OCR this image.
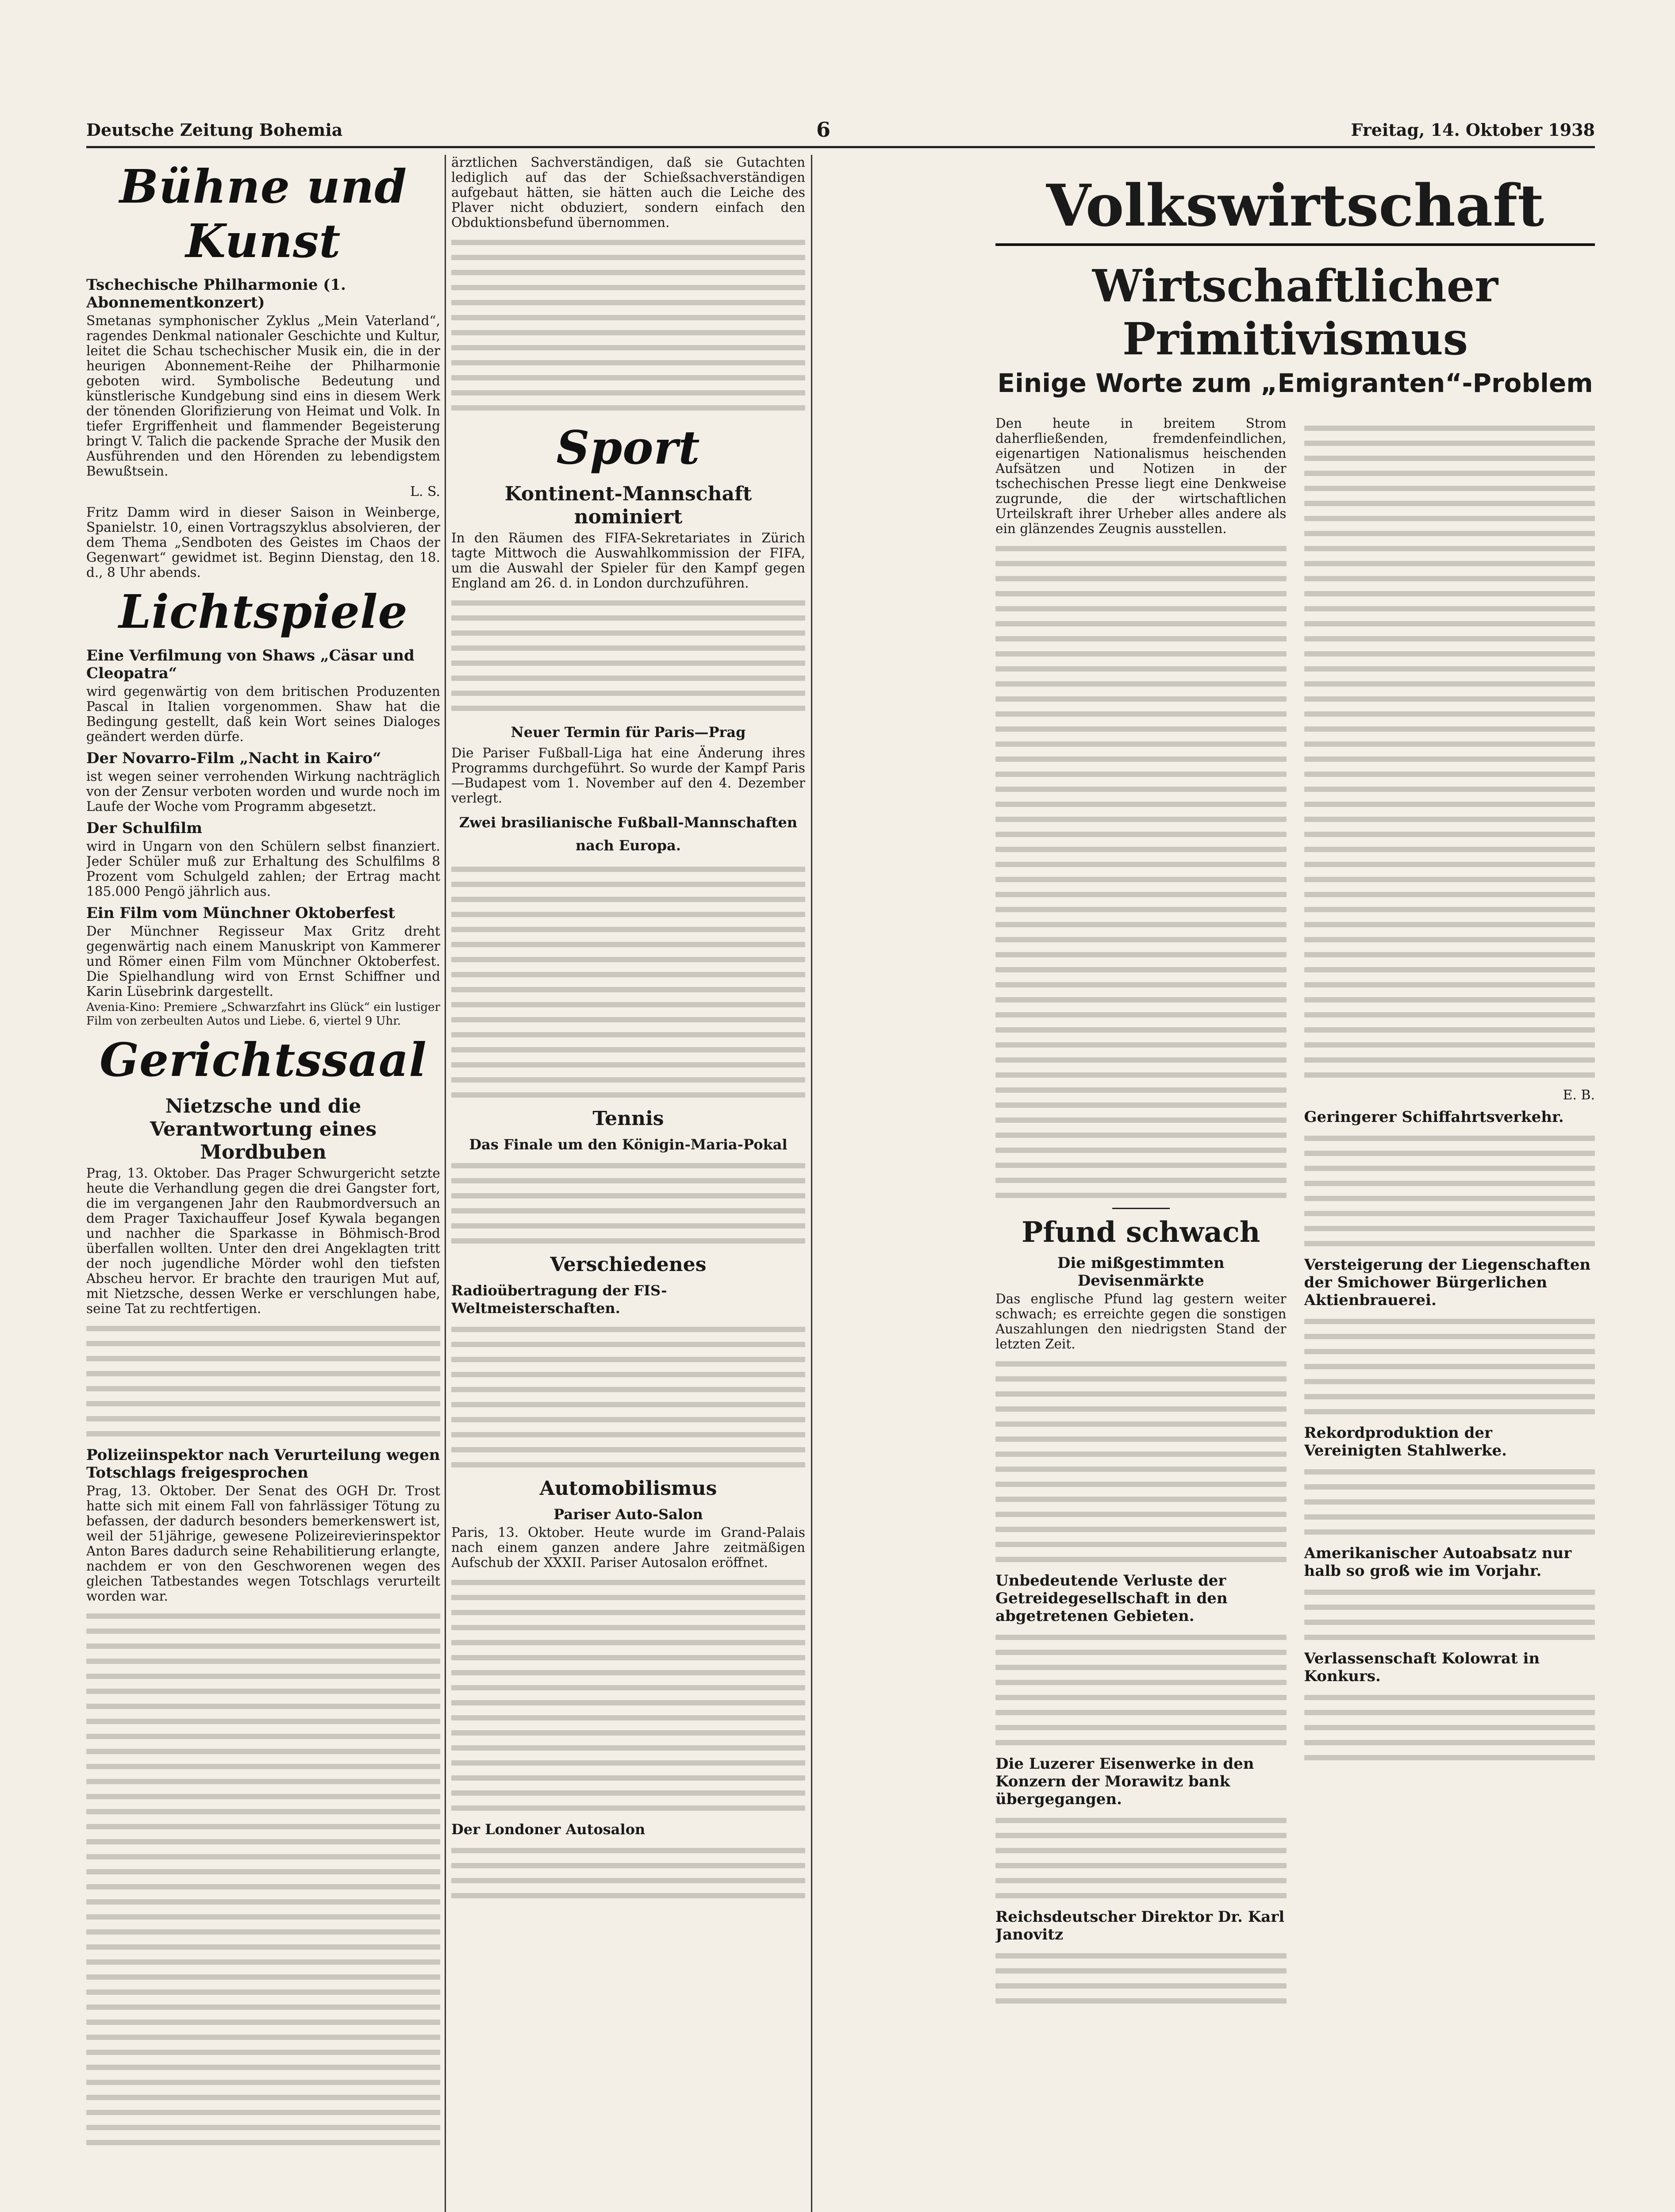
Deutsche Zeitung Bohemia	6	Freitag, 14. Oktober 1938
Bühne und Kunst
Tschechische Philharmonie (1. Abonnementkonzert)
Smetanas symphonischer Zyklus „Mein Vaterland“, ragendes Denkmal nationaler Geschichte und Kultur, leitet die Schau tschechischer Musik ein, die in der heurigen Abonnement-Reihe der Philharmonie geboten wird. Symbolische Bedeutung und künstlerische Kundgebung sind eins in diesem Werk der tönenden Glorifizierung von Heimat und Volk. In tiefer Ergriffenheit und flammender Begeisterung bringt V. Talich die packende Sprache der Musik den Ausführenden und den Hörenden zu lebendigstem Bewußtsein.
L. S.
Fritz Damm wird in dieser Saison in Weinberge, Spanielstr. 10, einen Vortragszyklus absolvieren, der dem Thema „Sendboten des Geistes im Chaos der Gegenwart“ gewidmet ist. Beginn Dienstag, den 18. d., 8 Uhr abends.
Lichtspiele
Eine Verfilmung von Shaws „Cäsar und Cleopatra“
wird gegenwärtig von dem britischen Produzenten Pascal in Italien vorgenommen. Shaw hat die Bedingung gestellt, daß kein Wort seines Dialoges geändert werden dürfe.
Der Novarro-Film „Nacht in Kairo“
ist wegen seiner verrohenden Wirkung nachträglich von der Zensur verboten worden und wurde noch im Laufe der Woche vom Programm abgesetzt.
Der Schulfilm
wird in Ungarn von den Schülern selbst finanziert. Jeder Schüler muß zur Erhaltung des Schulfilms 8 Prozent vom Schulgeld zahlen; der Ertrag macht 185.000 Pengö jährlich aus.
Ein Film vom Münchner Oktoberfest
Der Münchner Regisseur Max Gritz dreht gegenwärtig nach einem Manuskript von Kammerer und Römer einen Film vom Münchner Oktoberfest. Die Spielhandlung wird von Ernst Schiffner und Karin Lüsebrink dargestellt.
Avenia-Kino: Premiere „Schwarzfahrt ins Glück“ ein lustiger Film von zerbeulten Autos und Liebe. 6, viertel 9 Uhr.
Gerichtssaal
Nietzsche und die Verantwortung eines Mordbuben
Prag, 13. Oktober. Das Prager Schwurgericht setzte heute die Verhandlung gegen die drei Gangster fort, die im vergangenen Jahr den Raubmordversuch an dem Prager Taxichauffeur Josef Kywala begangen und nachher die Sparkasse in Böhmisch-Brod überfallen wollten. Unter den drei Angeklagten tritt der noch jugendliche Mörder wohl den tiefsten Abscheu hervor. Er brachte den traurigen Mut auf, mit Nietzsche, dessen Werke er verschlungen habe, seine Tat zu rechtfertigen.
Polizeiinspektor nach Verurteilung wegen Totschlags freigesprochen
Prag, 13. Oktober. Der Senat des OGH Dr. Trost hatte sich mit einem Fall von fahrlässiger Tötung zu befassen, der dadurch besonders bemerkenswert ist, weil der 51jährige, gewesene Polizeirevierinspektor Anton Bares dadurch seine Rehabilitierung erlangte, nachdem er von den Geschworenen wegen des gleichen Tatbestandes wegen Totschlags verurteilt worden war.
ärztlichen Sachverständigen, daß sie Gutachten lediglich auf das der Schießsachverständigen aufgebaut hätten, sie hätten auch die Leiche des Plaver nicht obduziert, sondern einfach den Obduktionsbefund übernommen.
Sport
Kontinent-Mannschaft nominiert
In den Räumen des FIFA-Sekretariates in Zürich tagte Mittwoch die Auswahlkommission der FIFA, um die Auswahl der Spieler für den Kampf gegen England am 26. d. in London durchzuführen.
Neuer Termin für Paris—Prag
Die Pariser Fußball-Liga hat eine Änderung ihres Programms durchgeführt. So wurde der Kampf Paris—Budapest vom 1. November auf den 4. Dezember verlegt.
Zwei brasilianische Fußball-Mannschaften nach Europa.
Tennis
Das Finale um den Königin-Maria-Pokal
Verschiedenes
Radioübertragung der FIS-Weltmeisterschaften.
Automobilismus
Pariser Auto-Salon
Paris, 13. Oktober. Heute wurde im Grand-Palais nach einem ganzen andere Jahre zeitmäßigen Aufschub der XXXII. Pariser Autosalon eröffnet.
Der Londoner Autosalon
Volkswirtschaft
Wirtschaftlicher Primitivismus
Einige Worte zum „Emigranten“-Problem
Den heute in breitem Strom daherfließenden, fremdenfeindlichen, eigenartigen Nationalismus heischenden Aufsätzen und Notizen in der tschechischen Presse liegt eine Denkweise zugrunde, die der wirtschaftlichen Urteilskraft ihrer Urheber alles andere als ein glänzendes Zeugnis ausstellen.
Pfund schwach
Die mißgestimmten Devisenmärkte
Das englische Pfund lag gestern weiter schwach; es erreichte gegen die sonstigen Auszahlungen den niedrigsten Stand der letzten Zeit.
Unbedeutende Verluste der Getreidegesellschaft in den abgetretenen Gebieten.
Die Luzerer Eisenwerke in den Konzern der Morawitz bank übergegangen.
Reichsdeutscher Direktor Dr. Karl Janovitz
E. B.
Geringerer Schiffahrtsverkehr.
Versteigerung der Liegenschaften der Smichower Bürgerlichen Aktienbrauerei.
Rekordproduktion der Vereinigten Stahlwerke.
Amerikanischer Autoabsatz nur halb so groß wie im Vorjahr.
Verlassenschaft Kolowrat in Konkurs.
